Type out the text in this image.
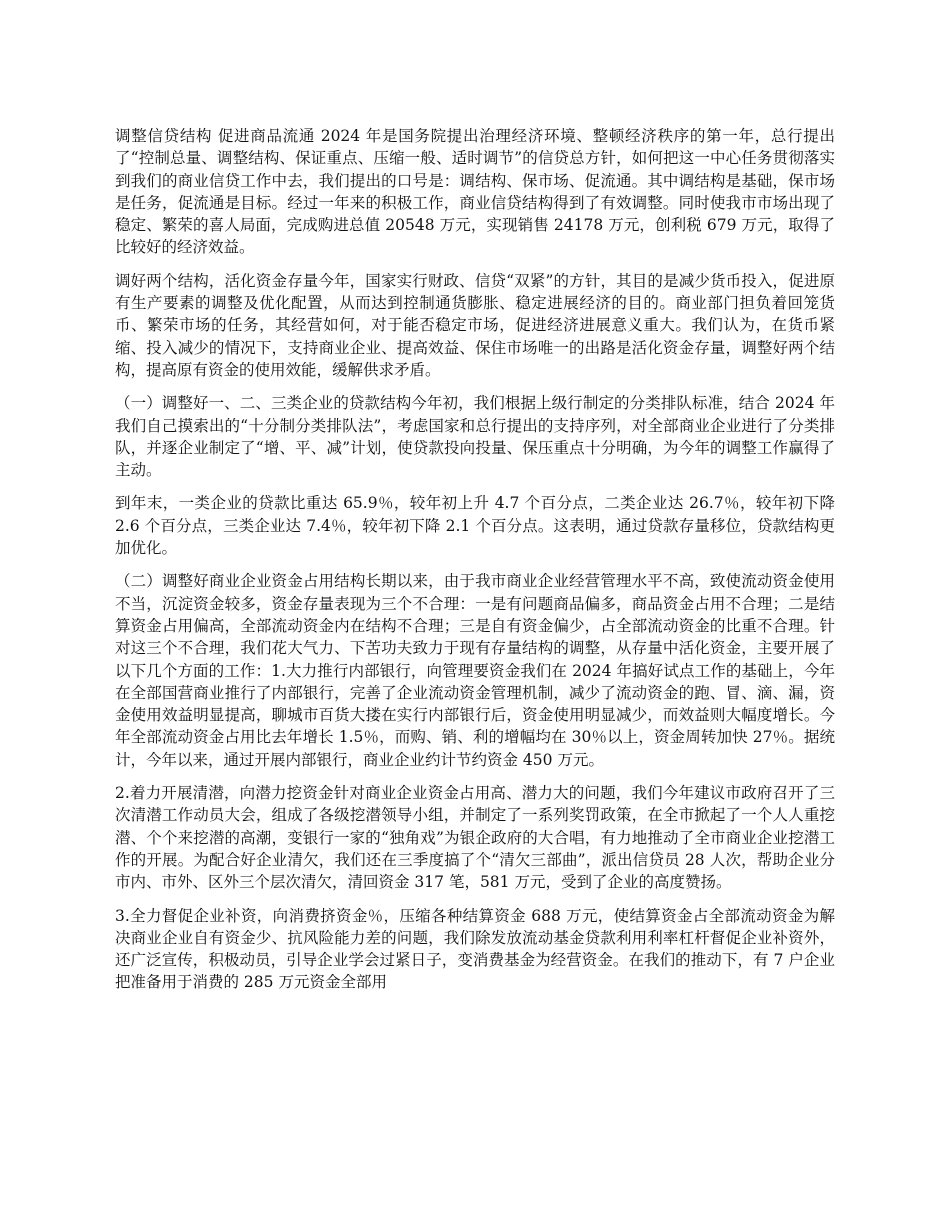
调整信贷结构 促进商品流通 2024 年是国务院提出治理经济环境、整顿经济秩序的第一年，总行提出了“控制总量、调整结构、保证重点、压缩一般、适时调节”的信贷总方针，如何把这一中心任务贯彻落实到我们的商业信贷工作中去，我们提出的口号是：调结构、保市场、促流通。其中调结构是基础，保市场是任务，促流通是目标。经过一年来的积极工作，商业信贷结构得到了有效调整。同时使我市市场出现了稳定、繁荣的喜人局面，完成购进总值 20548 万元，实现销售 24178 万元，创利税 679 万元，取得了比较好的经济效益。

调好两个结构，活化资金存量今年，国家实行财政、信贷“双紧”的方针，其目的是减少货币投入，促进原有生产要素的调整及优化配置，从而达到控制通货膨胀、稳定进展经济的目的。商业部门担负着回笼货币、繁荣市场的任务，其经营如何，对于能否稳定市场，促进经济进展意义重大。我们认为，在货币紧缩、投入减少的情况下，支持商业企业、提高效益、保住市场唯一的出路是活化资金存量，调整好两个结构，提高原有资金的使用效能，缓解供求矛盾。

（一）调整好一、二、三类企业的贷款结构今年初，我们根据上级行制定的分类排队标准，结合 2024 年我们自己摸索出的“十分制分类排队法”，考虑国家和总行提出的支持序列，对全部商业企业进行了分类排队，并逐企业制定了“增、平、减”计划，使贷款投向投量、保压重点十分明确，为今年的调整工作赢得了主动。

到年末，一类企业的贷款比重达 65.9％，较年初上升 4.7 个百分点，二类企业达 26.7％，较年初下降 2.6 个百分点，三类企业达 7.4％，较年初下降 2.1 个百分点。这表明，通过贷款存量移位，贷款结构更加优化。

（二）调整好商业企业资金占用结构长期以来，由于我市商业企业经营管理水平不高，致使流动资金使用不当，沉淀资金较多，资金存量表现为三个不合理：一是有问题商品偏多，商品资金占用不合理；二是结算资金占用偏高，全部流动资金内在结构不合理；三是自有资金偏少，占全部流动资金的比重不合理。针对这三个不合理，我们花大气力、下苦功夫致力于现有存量结构的调整，从存量中活化资金，主要开展了以下几个方面的工作：1.大力推行内部银行，向管理要资金我们在 2024 年搞好试点工作的基础上，今年在全部国营商业推行了内部银行，完善了企业流动资金管理机制，减少了流动资金的跑、冒、滴、漏，资金使用效益明显提高，聊城市百货大搂在实行内部银行后，资金使用明显减少，而效益则大幅度增长。今年全部流动资金占用比去年增长 1.5％，而购、销、利的增幅均在 30％以上，资金周转加快 27％。据统计，今年以来，通过开展内部银行，商业企业约计节约资金 450 万元。

2.着力开展清潜，向潜力挖资金针对商业企业资金占用高、潜力大的问题，我们今年建议市政府召开了三次清潜工作动员大会，组成了各级挖潜领导小组，并制定了一系列奖罚政策，在全市掀起了一个人人重挖潜、个个来挖潜的高潮，变银行一家的“独角戏”为银企政府的大合唱，有力地推动了全市商业企业挖潜工作的开展。为配合好企业清欠，我们还在三季度搞了个“清欠三部曲”，派出信贷员 28 人次，帮助企业分市内、市外、区外三个层次清欠，清回资金 317 笔，581 万元，受到了企业的高度赞扬。

3.全力督促企业补资，向消费挤资金％，压缩各种结算资金 688 万元，使结算资金占全部流动资金为解决商业企业自有资金少、抗风险能力差的问题，我们除发放流动基金贷款利用利率杠杆督促企业补资外，还广泛宣传，积极动员，引导企业学会过紧日子，变消费基金为经营资金。在我们的推动下，有 7 户企业把准备用于消费的 285 万元资金全部用
